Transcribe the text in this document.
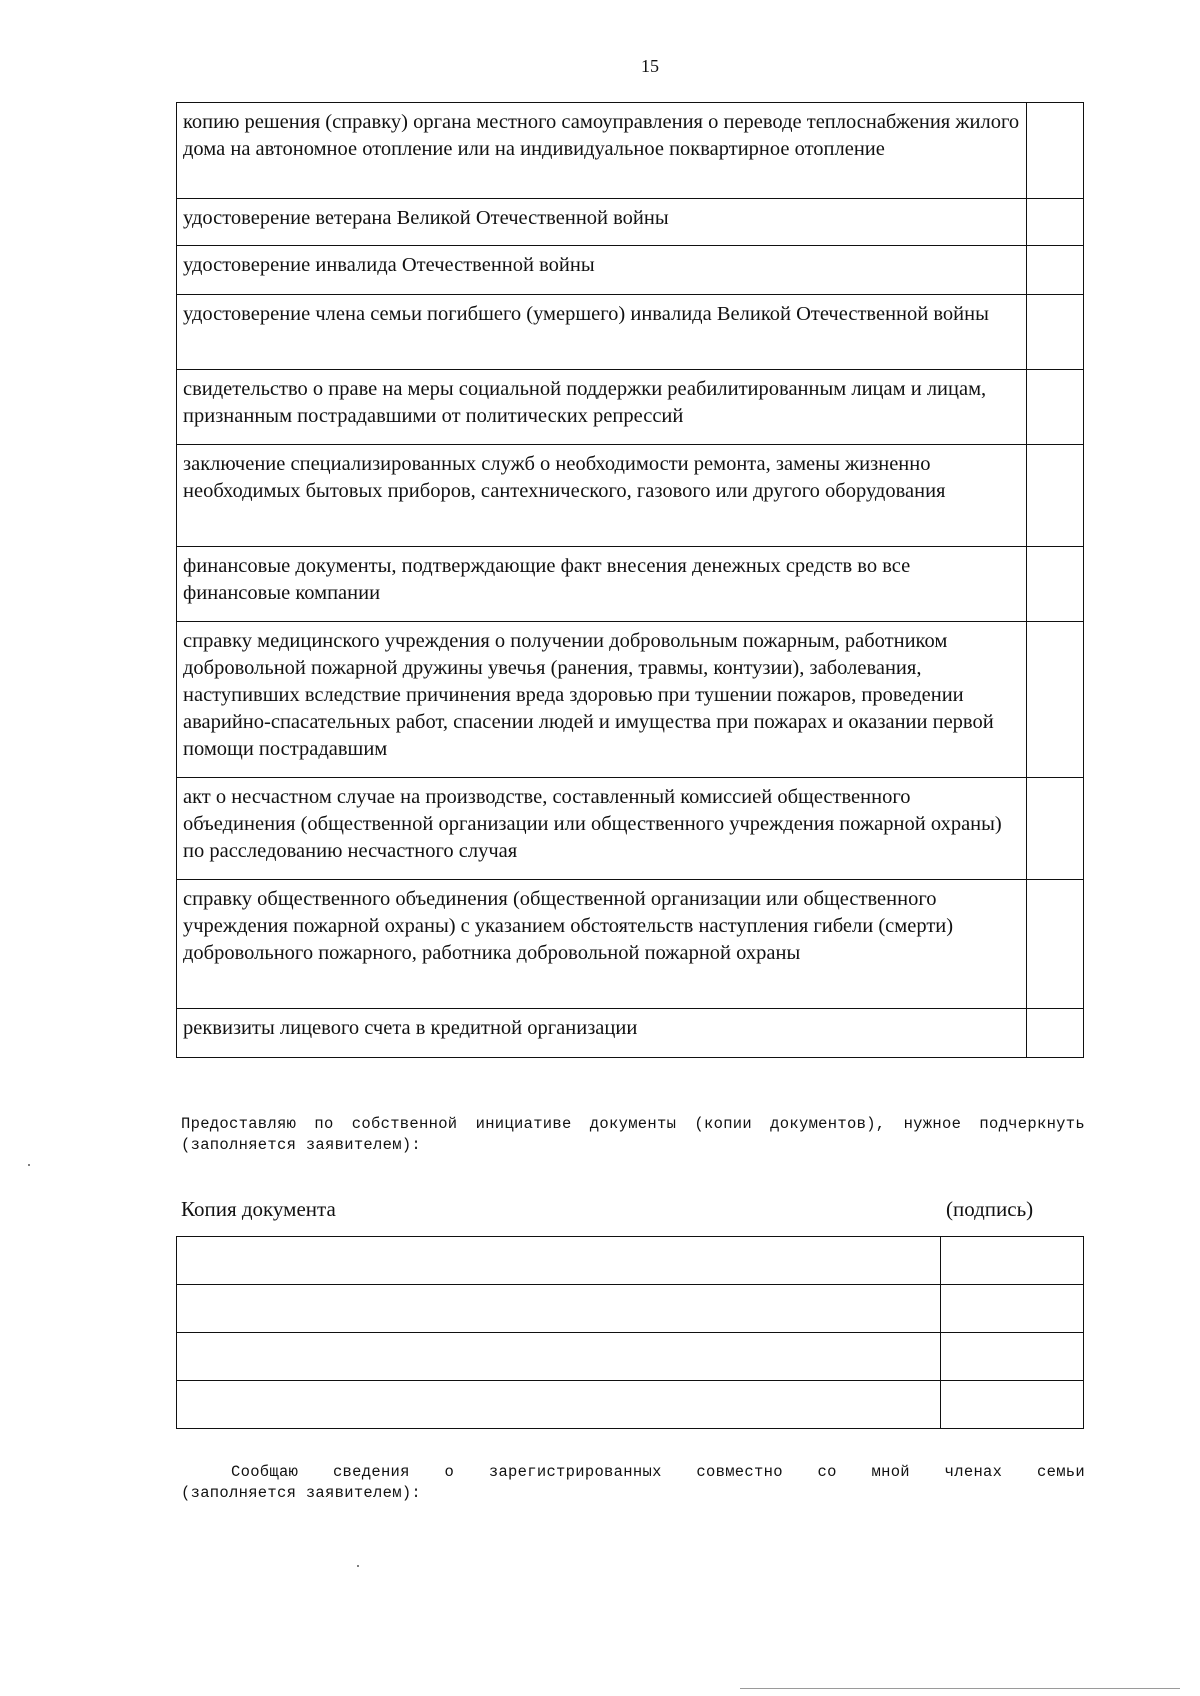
15
копию решения (справку) органа местного самоуправления о переводе теплоснабжения жилого дома на автономное отопление или на индивидуальное поквартирное отопление	
удостоверение ветерана Великой Отечественной войны	
удостоверение инвалида Отечественной войны	
удостоверение члена семьи погибшего (умершего) инвалида Великой Отечественной войны	
свидетельство о праве на меры социальной поддержки реабилитированным лицам и лицам, признанным пострадавшими от политических репрессий	
заключение специализированных служб о необходимости ремонта, замены жизненно необходимых бытовых приборов, сантехнического, газового или другого оборудования	
финансовые документы, подтверждающие факт внесения денежных средств во все финансовые компании	
справку медицинского учреждения о получении добровольным пожарным, работником добровольной пожарной дружины увечья (ранения, травмы, контузии), заболевания, наступивших вследствие причинения вреда здоровью при тушении пожаров, проведении аварийно-спасательных работ, спасении людей и имущества при пожарах и оказании первой помощи пострадавшим	
акт о несчастном случае на производстве, составленный комиссией общественного объединения (общественной организации или общественного учреждения пожарной охраны) по расследованию несчастного случая	
справку общественного объединения (общественной организации или общественного учреждения пожарной охраны) с указанием обстоятельств наступления гибели (смерти) добровольного пожарного, работника добровольной пожарной охраны	
реквизиты лицевого счета в кредитной организации	
Предоставляю по собственной инициативе документы (копии документов), нужное подчеркнуть (заполняется заявителем):
Копия документа	(подпись)

Сообщаю сведения о зарегистрированных совместно со мной членах семьи
(заполняется заявителем):
